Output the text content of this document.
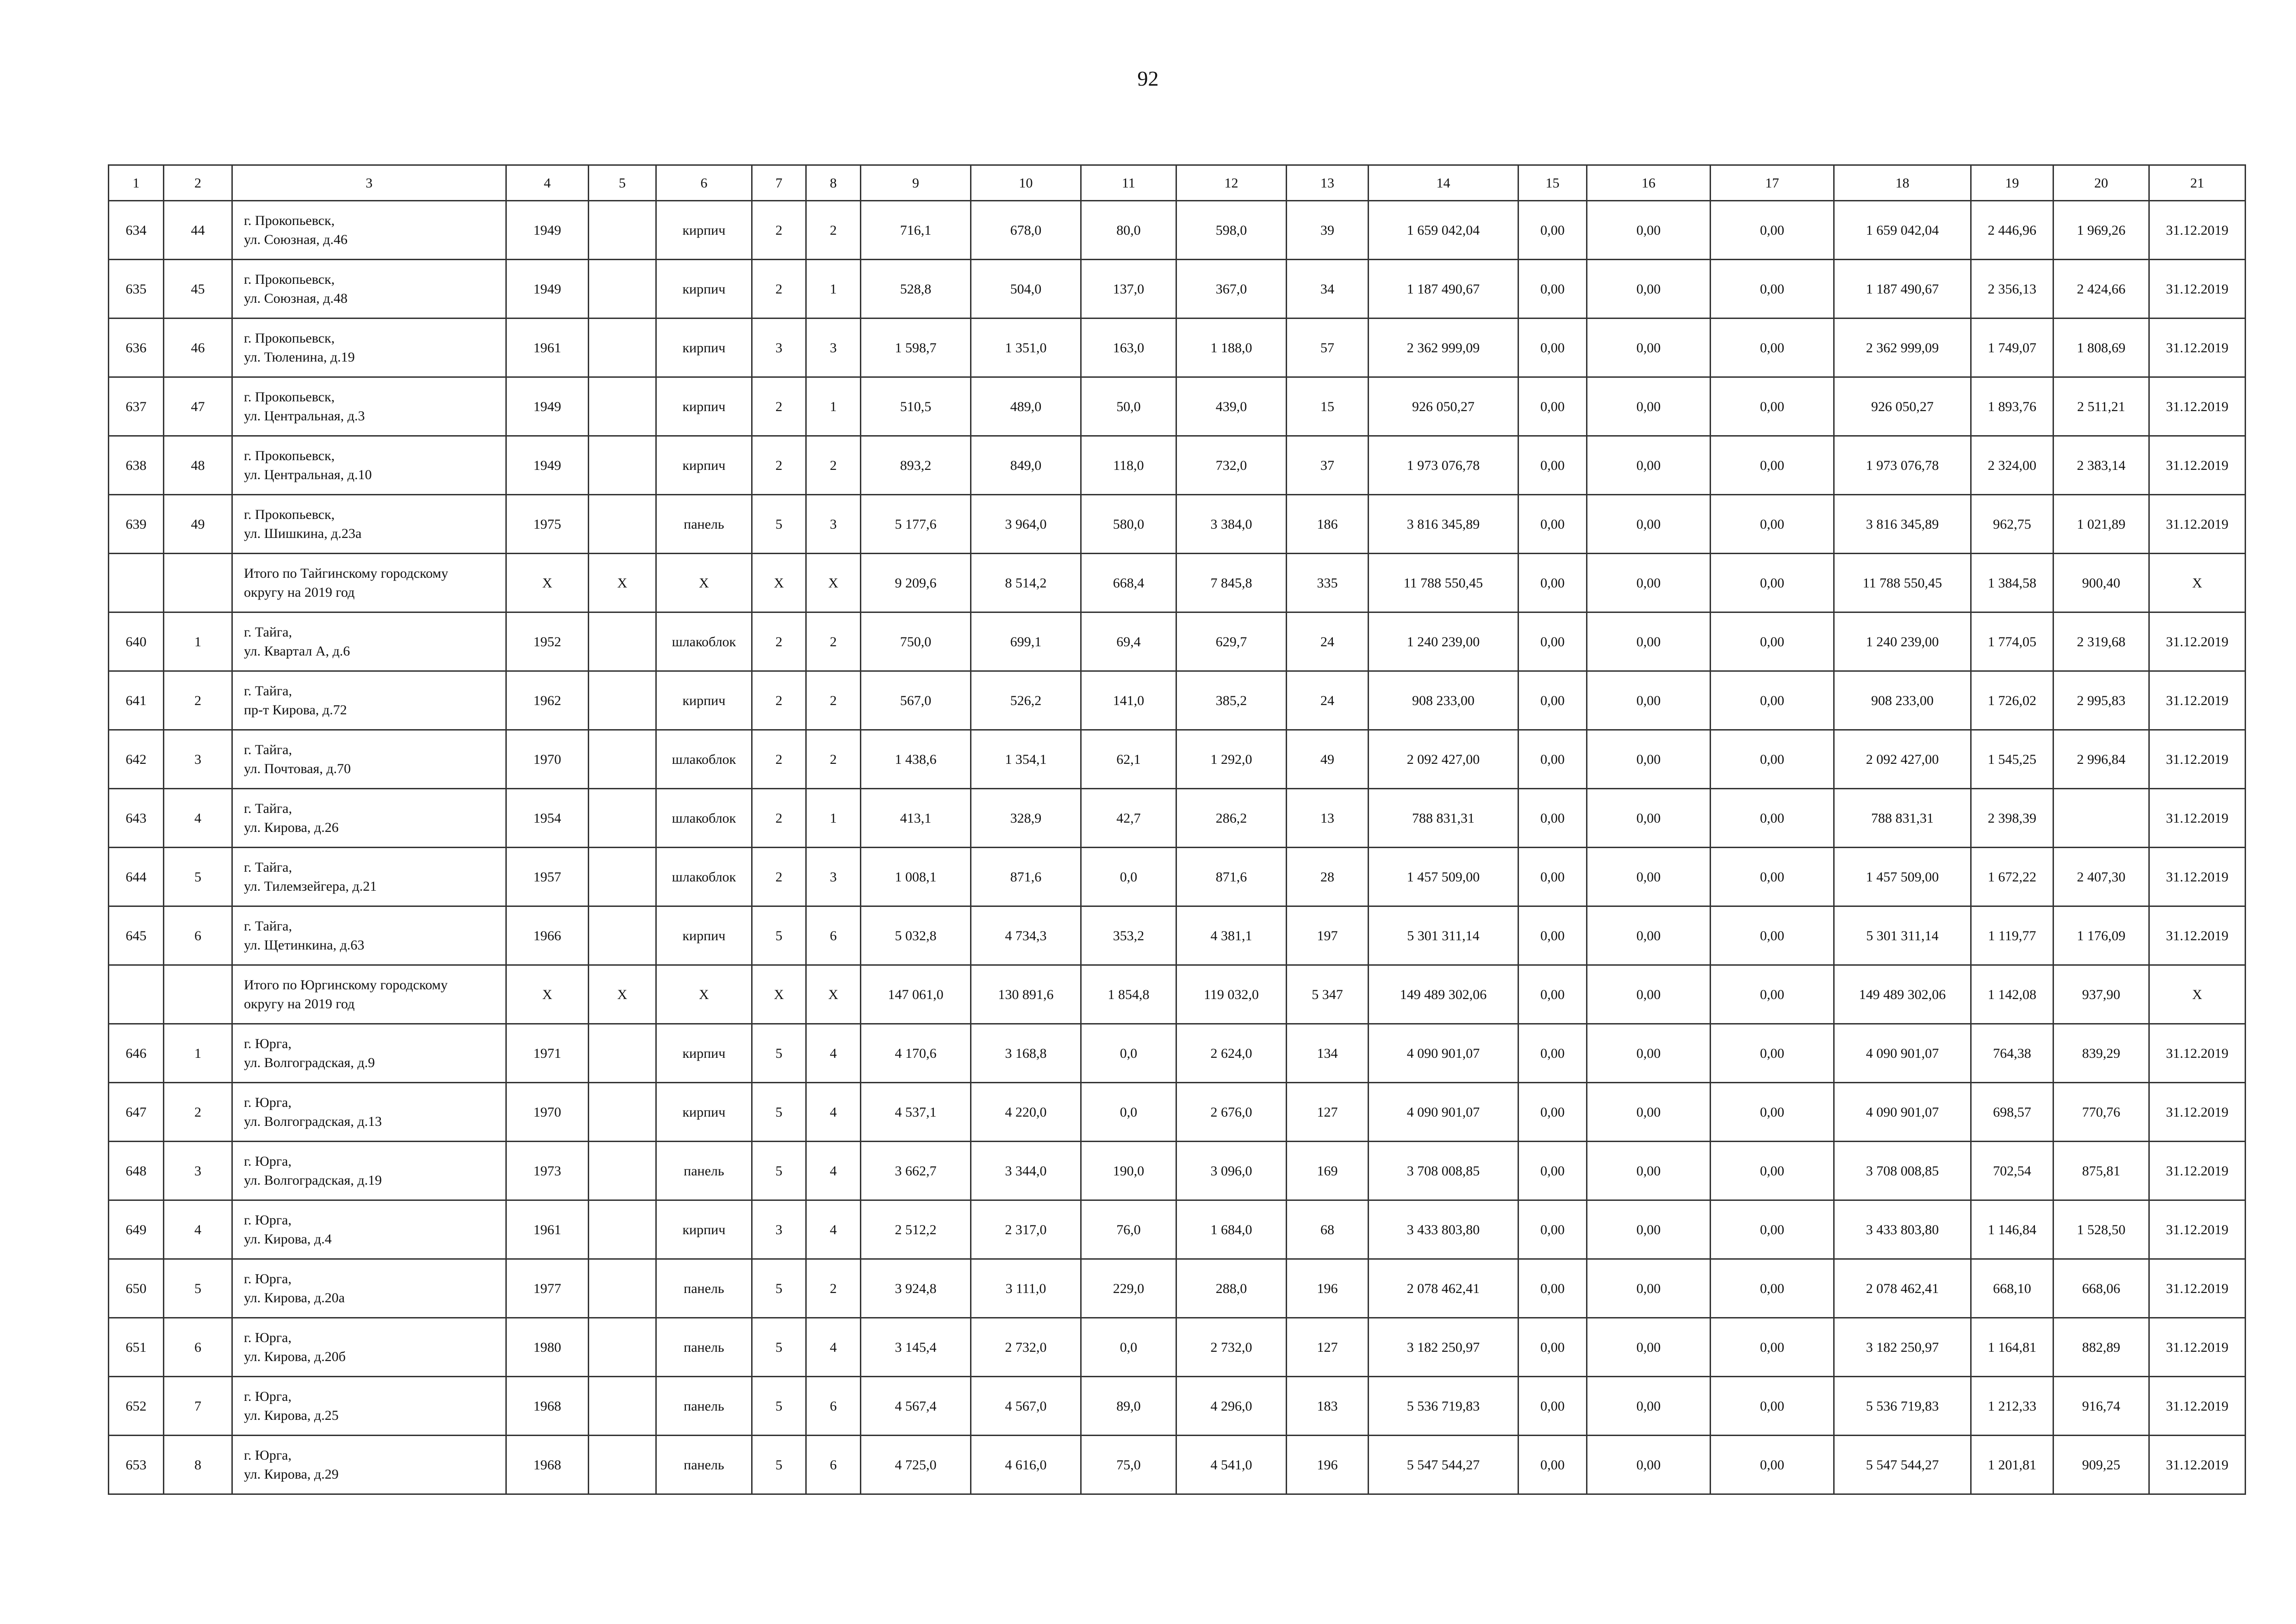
92
1	2	3	4	5	6	7	8	9	10	11	12	13	14	15	16	17	18	19	20	21
634	44	г. Прокопьевск,
ул. Союзная, д.46	1949		кирпич	2	2	716,1	678,0	80,0	598,0	39	1 659 042,04	0,00	0,00	0,00	1 659 042,04	2 446,96	1 969,26	31.12.2019
635	45	г. Прокопьевск,
ул. Союзная, д.48	1949		кирпич	2	1	528,8	504,0	137,0	367,0	34	1 187 490,67	0,00	0,00	0,00	1 187 490,67	2 356,13	2 424,66	31.12.2019
636	46	г. Прокопьевск,
ул. Тюленина, д.19	1961		кирпич	3	3	1 598,7	1 351,0	163,0	1 188,0	57	2 362 999,09	0,00	0,00	0,00	2 362 999,09	1 749,07	1 808,69	31.12.2019
637	47	г. Прокопьевск,
ул. Центральная, д.3	1949		кирпич	2	1	510,5	489,0	50,0	439,0	15	926 050,27	0,00	0,00	0,00	926 050,27	1 893,76	2 511,21	31.12.2019
638	48	г. Прокопьевск,
ул. Центральная, д.10	1949		кирпич	2	2	893,2	849,0	118,0	732,0	37	1 973 076,78	0,00	0,00	0,00	1 973 076,78	2 324,00	2 383,14	31.12.2019
639	49	г. Прокопьевск,
ул. Шишкина, д.23а	1975		панель	5	3	5 177,6	3 964,0	580,0	3 384,0	186	3 816 345,89	0,00	0,00	0,00	3 816 345,89	962,75	1 021,89	31.12.2019

		Итого по Тайгинскому городскому
округу на 2019 год	X	X	X	X	X	9 209,6	8 514,2	668,4	7 845,8	335	11 788 550,45	0,00	0,00	0,00	11 788 550,45	1 384,58	900,40	X
640	1	г. Тайга,
ул. Квартал А, д.6	1952		шлакоблок	2	2	750,0	699,1	69,4	629,7	24	1 240 239,00	0,00	0,00	0,00	1 240 239,00	1 774,05	2 319,68	31.12.2019
641	2	г. Тайга,
пр-т Кирова, д.72	1962		кирпич	2	2	567,0	526,2	141,0	385,2	24	908 233,00	0,00	0,00	0,00	908 233,00	1 726,02	2 995,83	31.12.2019
642	3	г. Тайга,
ул. Почтовая, д.70	1970		шлакоблок	2	2	1 438,6	1 354,1	62,1	1 292,0	49	2 092 427,00	0,00	0,00	0,00	2 092 427,00	1 545,25	2 996,84	31.12.2019
643	4	г. Тайга,
ул. Кирова, д.26	1954		шлакоблок	2	1	413,1	328,9	42,7	286,2	13	788 831,31	0,00	0,00	0,00	788 831,31	2 398,39		31.12.2019
644	5	г. Тайга,
ул. Тилемзейгера, д.21	1957		шлакоблок	2	3	1 008,1	871,6	0,0	871,6	28	1 457 509,00	0,00	0,00	0,00	1 457 509,00	1 672,22	2 407,30	31.12.2019
645	6	г. Тайга,
ул. Щетинкина, д.63	1966		кирпич	5	6	5 032,8	4 734,3	353,2	4 381,1	197	5 301 311,14	0,00	0,00	0,00	5 301 311,14	1 119,77	1 176,09	31.12.2019

		Итого по Юргинскому городскому
округу на 2019 год	X	X	X	X	X	147 061,0	130 891,6	1 854,8	119 032,0	5 347	149 489 302,06	0,00	0,00	0,00	149 489 302,06	1 142,08	937,90	X
646	1	г. Юрга,
ул. Волгоградская, д.9	1971		кирпич	5	4	4 170,6	3 168,8	0,0	2 624,0	134	4 090 901,07	0,00	0,00	0,00	4 090 901,07	764,38	839,29	31.12.2019
647	2	г. Юрга,
ул. Волгоградская, д.13	1970		кирпич	5	4	4 537,1	4 220,0	0,0	2 676,0	127	4 090 901,07	0,00	0,00	0,00	4 090 901,07	698,57	770,76	31.12.2019
648	3	г. Юрга,
ул. Волгоградская, д.19	1973		панель	5	4	3 662,7	3 344,0	190,0	3 096,0	169	3 708 008,85	0,00	0,00	0,00	3 708 008,85	702,54	875,81	31.12.2019
649	4	г. Юрга,
ул. Кирова, д.4	1961		кирпич	3	4	2 512,2	2 317,0	76,0	1 684,0	68	3 433 803,80	0,00	0,00	0,00	3 433 803,80	1 146,84	1 528,50	31.12.2019
650	5	г. Юрга,
ул. Кирова, д.20а	1977		панель	5	2	3 924,8	3 111,0	229,0	288,0	196	2 078 462,41	0,00	0,00	0,00	2 078 462,41	668,10	668,06	31.12.2019
651	6	г. Юрга,
ул. Кирова, д.20б	1980		панель	5	4	3 145,4	2 732,0	0,0	2 732,0	127	3 182 250,97	0,00	0,00	0,00	3 182 250,97	1 164,81	882,89	31.12.2019
652	7	г. Юрга,
ул. Кирова, д.25	1968		панель	5	6	4 567,4	4 567,0	89,0	4 296,0	183	5 536 719,83	0,00	0,00	0,00	5 536 719,83	1 212,33	916,74	31.12.2019
653	8	г. Юрга,
ул. Кирова, д.29	1968		панель	5	6	4 725,0	4 616,0	75,0	4 541,0	196	5 547 544,27	0,00	0,00	0,00	5 547 544,27	1 201,81	909,25	31.12.2019
